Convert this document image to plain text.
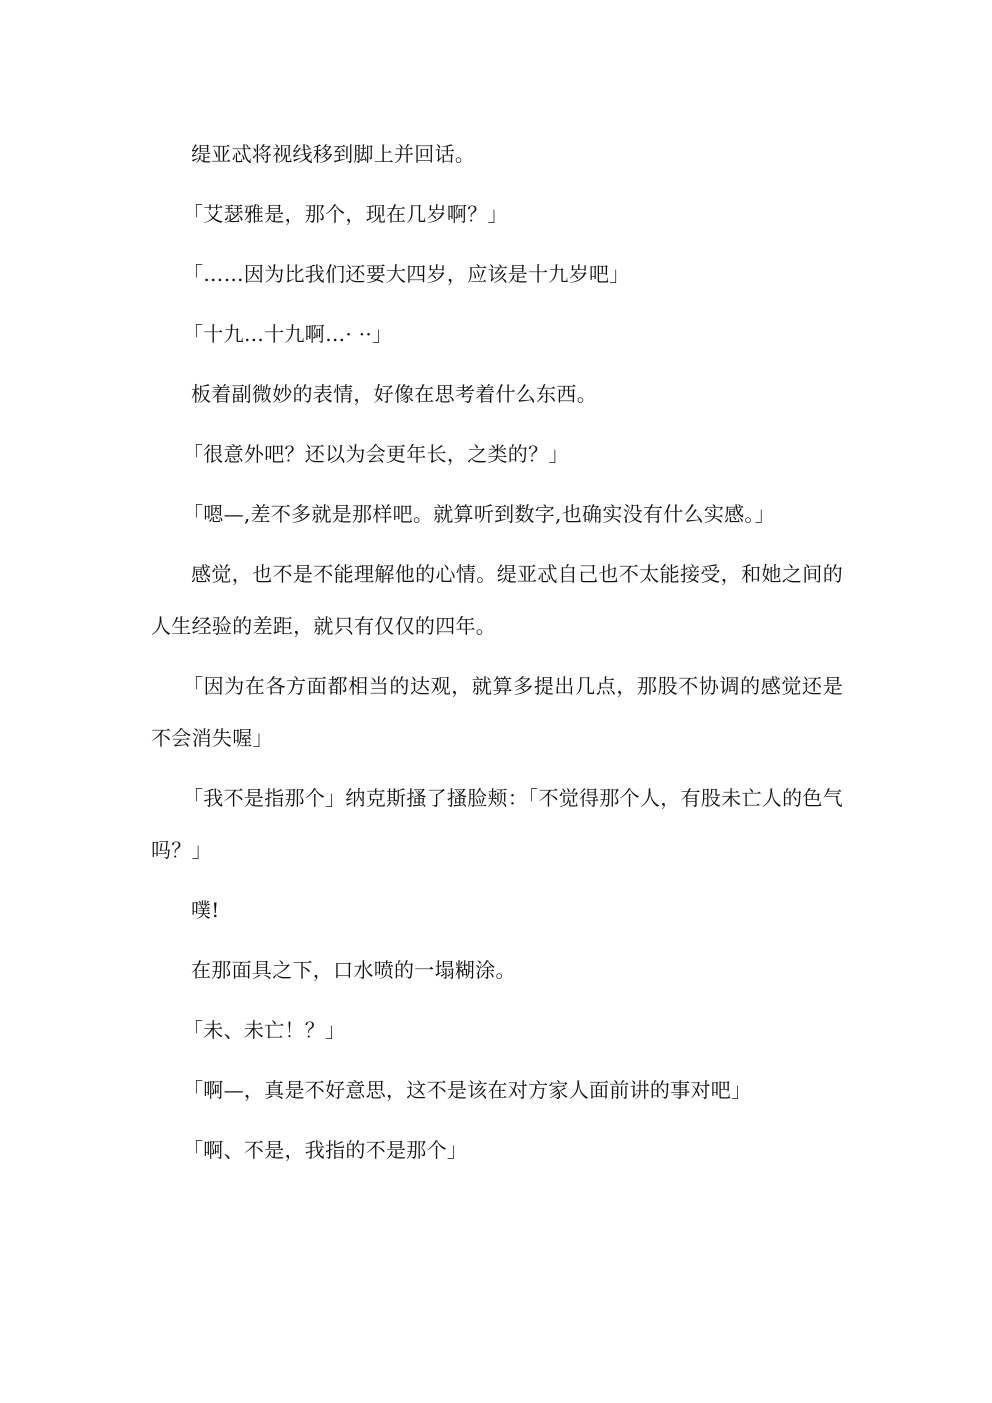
缇亚忒将视线移到脚上并回话。

「艾瑟雅是，那个，现在几岁啊？」

「……因为比我们还要大四岁，应该是十九岁吧」

「十九…十九啊…· ··」

板着副微妙的表情，好像在思考着什么东西。

「很意外吧？还以为会更年长，之类的？」

「嗯—,差不多就是那样吧。就算听到数字,也确实没有什么实感。」

感觉，也不是不能理解他的心情。缇亚忒自己也不太能接受，和她之间的人生经验的差距，就只有仅仅的四年。

「因为在各方面都相当的达观，就算多提出几点，那股不协调的感觉还是不会消失喔」

「我不是指那个」纳克斯搔了搔脸颊：「不觉得那个人，有股未亡人的色气吗？」

噗!

在那面具之下，口水喷的一塌糊涂。

「未、未亡！？」

「啊—，真是不好意思，这不是该在对方家人面前讲的事对吧」

「啊、不是，我指的不是那个」
